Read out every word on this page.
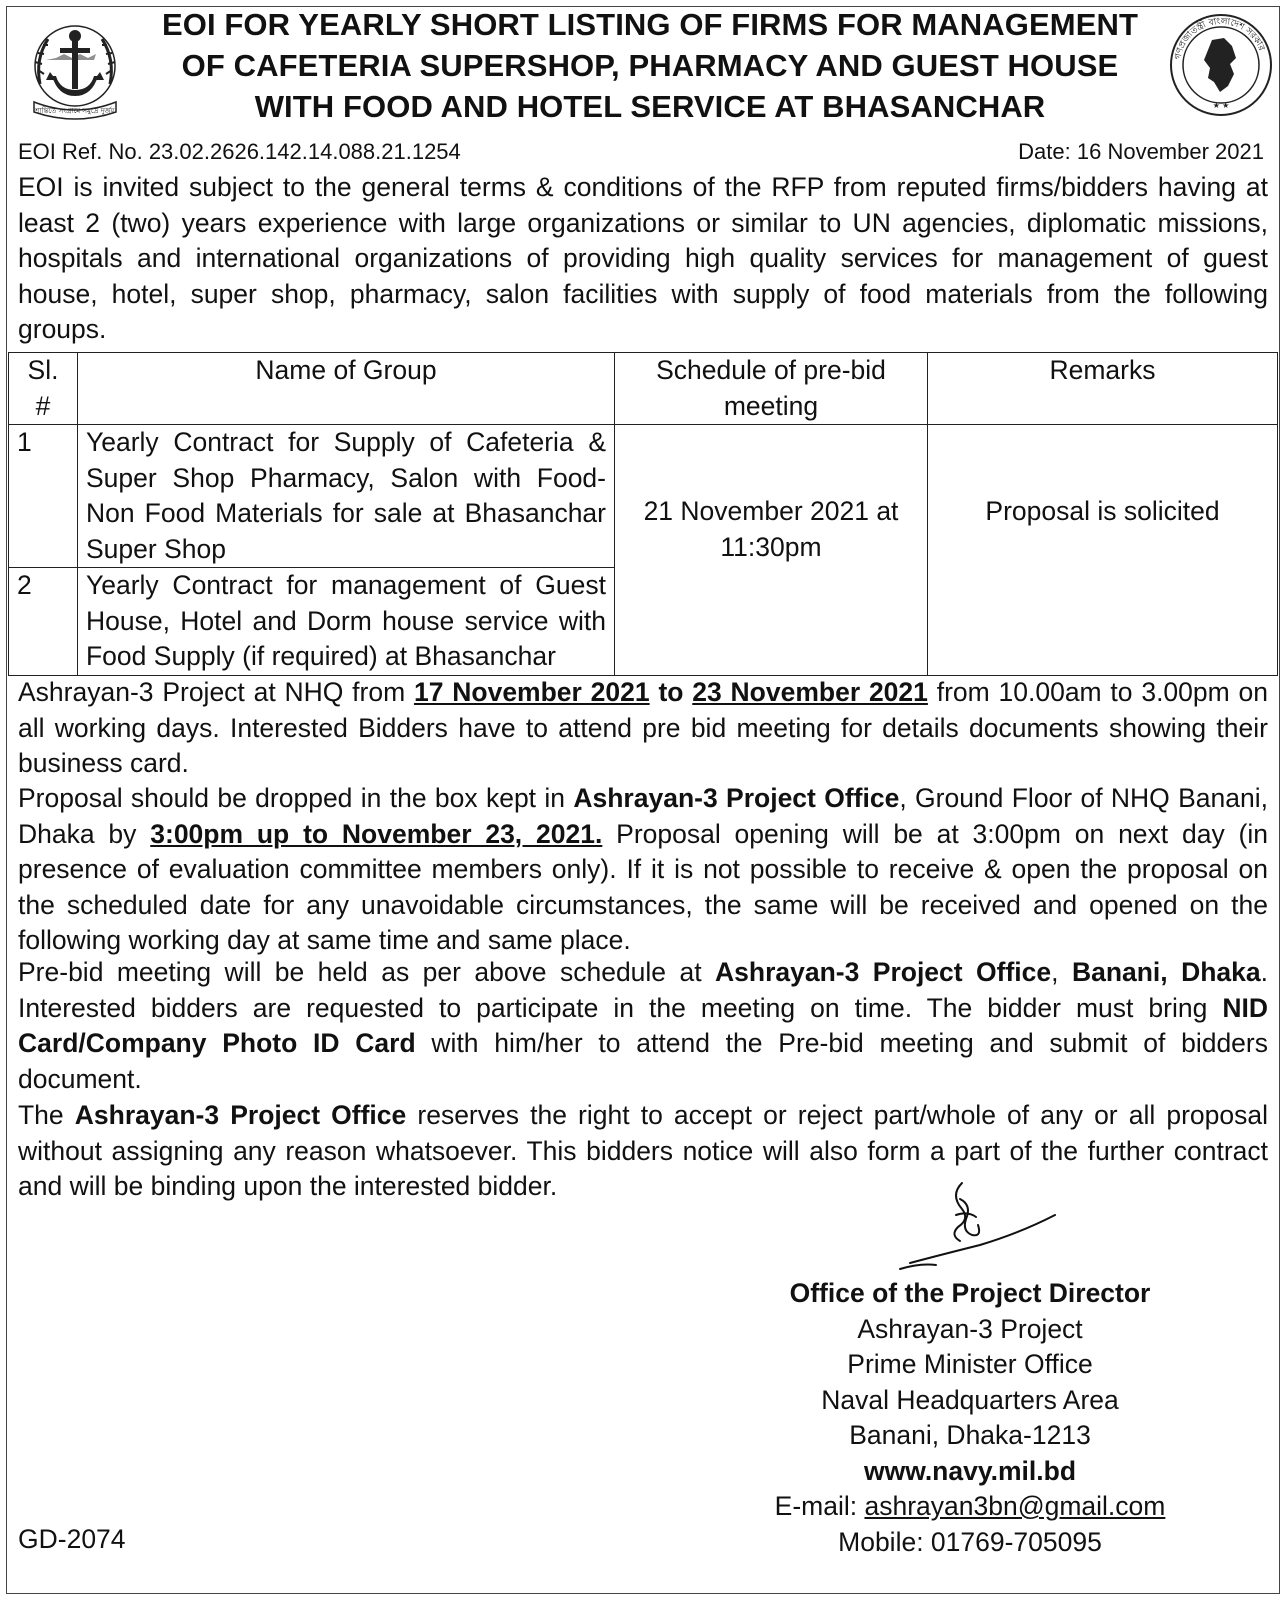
শান্তিতে সংগ্রামে সমুদ্রে দুর্জয়
গণপ্রজাতন্ত্রী বাংলাদেশ সরকার
★ ★
EOI FOR YEARLY SHORT LISTING OF FIRMS FOR MANAGEMENT
OF CAFETERIA SUPERSHOP, PHARMACY AND GUEST HOUSE
WITH FOOD AND HOTEL SERVICE AT BHASANCHAR
EOI Ref. No. 23.02.2626.142.14.088.21.1254	Date: 16 November 2021
EOI is invited subject to the general terms & conditions of the RFP from reputed firms/bidders having at least 2 (two) years experience with large organizations or similar to UN agencies, diplomatic missions, hospitals and international organizations of providing high quality services for management of guest house, hotel, super shop, pharmacy, salon facilities with supply of food materials from the following groups.
Sl. #	Name of Group	Schedule of pre-bid meeting	Remarks
1	Yearly Contract for Supply of Cafeteria & Super Shop Pharmacy, Salon with Food-Non Food Materials for sale at Bhasanchar Super Shop	21 November 2021 at 11:30pm	Proposal is solicited
2	Yearly Contract for management of Guest House, Hotel and Dorm house service with Food Supply (if required) at Bhasanchar		
Ashrayan-3 Project at NHQ from 17 November 2021 to 23 November 2021 from 10.00am to 3.00pm on all working days. Interested Bidders have to attend pre bid meeting for details documents showing their business card.
Proposal should be dropped in the box kept in Ashrayan-3 Project Office, Ground Floor of NHQ Banani, Dhaka by 3:00pm up to November 23, 2021. Proposal opening will be at 3:00pm on next day (in presence of evaluation committee members only). If it is not possible to receive & open the proposal on the scheduled date for any unavoidable circumstances, the same will be received and opened on the following working day at same time and same place.
Pre-bid meeting will be held as per above schedule at Ashrayan-3 Project Office, Banani, Dhaka. Interested bidders are requested to participate in the meeting on time. The bidder must bring NID Card/Company Photo ID Card with him/her to attend the Pre-bid meeting and submit of bidders document.
The Ashrayan-3 Project Office reserves the right to accept or reject part/whole of any or all proposal without assigning any reason whatsoever. This bidders notice will also form a part of the further contract and will be binding upon the interested bidder.
Office of the Project Director
Ashrayan-3 Project
Prime Minister Office
Naval Headquarters Area
Banani, Dhaka-1213
www.navy.mil.bd
E-mail: ashrayan3bn@gmail.com
Mobile: 01769-705095
GD-2074
